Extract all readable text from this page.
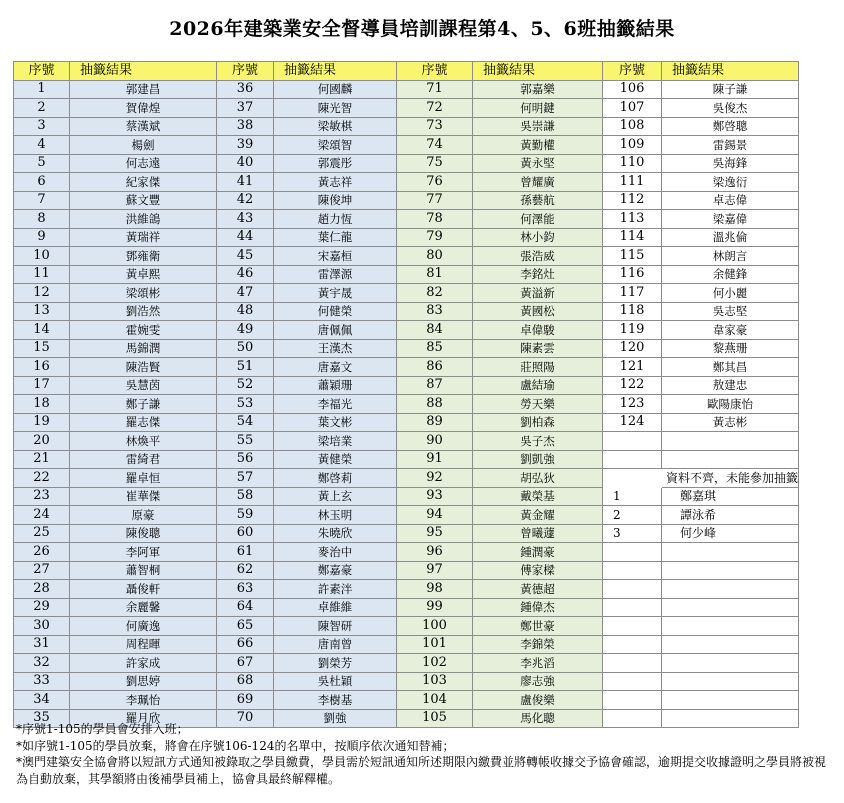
2026年建築業安全督導員培訓課程第4、5、6班抽籤結果
序號	抽籤結果	序號	抽籤結果	序號	抽籤結果	序號	抽籤結果
1	郭建昌	36	何國麟	71	郭嘉樂	106	陳子謙
2	賀偉煌	37	陳光智	72	何明鍵	107	吳俊杰
3	蔡漢斌	38	梁敏棋	73	吳崇謙	108	鄭啓聰
4	楊劍	39	梁頌智	74	黃勤權	109	雷錫景
5	何志遠	40	郭震彤	75	黃永堅	110	吳海鋒
6	紀家傑	41	黃志祥	76	曾耀廣	111	梁逸衍
7	蘇文豐	42	陳俊坤	77	孫藝航	112	卓志偉
8	洪維鴿	43	趙力恆	78	何澤能	113	梁嘉偉
9	黃瑞祥	44	葉仁龍	79	林小鈞	114	溫兆倫
10	鄧雍衛	45	宋嘉桓	80	張浩威	115	林朗言
11	黃卓熙	46	雷澤源	81	李銘灶	116	余健鋒
12	梁頌彬	47	黃宇晟	82	黃溢新	117	何小麗
13	劉浩然	48	何健榮	83	黃國松	118	吳志堅
14	霍婉雯	49	唐佩佩	84	卓偉駿	119	韋家豪
15	馬錦潤	50	王漢杰	85	陳素雲	120	黎燕珊
16	陳浩賢	51	唐嘉文	86	莊照陽	121	鄭其昌
17	吳慧茵	52	蕭穎珊	87	盧結瑜	122	敖建忠
18	鄭子謙	53	李福光	88	勞天樂	123	歐陽康怡
19	羅志傑	54	葉文彬	89	劉柏森	124	黃志彬
20	林煥平	55	梁培業	90	吳子杰		
21	雷綺君	56	黃健榮	91	劉凱強		
22	羅卓恒	57	鄭啓莉	92	胡弘狄		資料不齊，未能參加抽籤
23	崔華傑	58	黃上玄	93	戴榮基	1	鄭嘉琪
24	原豪	59	林玉明	94	黃金耀	2	譚泳希
25	陳俊聰	60	朱曉欣	95	曾曦蘧	3	何少峰
26	李阿軍	61	麥治中	96	鍾潤豪		
27	蕭智桐	62	鄭嘉豪	97	傅家樑		
28	聶俊軒	63	許素泮	98	黃德超		
29	余麗馨	64	卓維維	99	鍾偉杰		
30	何廣逸	65	陳智研	100	鄭世豪		
31	周程暉	66	唐南曾	101	李錦榮		
32	許家成	67	劉榮芳	102	李兆滔		
33	劉思婷	68	吳杜穎	103	廖志強		
34	李珮怡	69	李樹基	104	盧俊樂		
35	羅月欣	70	劉強	105	馬化聰		
*序號1-105的學員會安排入班；
*如序號1-105的學員放棄，將會在序號106-124的名單中，按順序依次通知替補；
*澳門建築安全協會將以短訊方式通知被錄取之學員繳費，學員需於短訊通知所述期限內繳費並將轉帳收據交予協會確認，逾期提交收據證明之學員將被視為自動放棄，其學額將由後補學員補上，協會具最終解釋權。
